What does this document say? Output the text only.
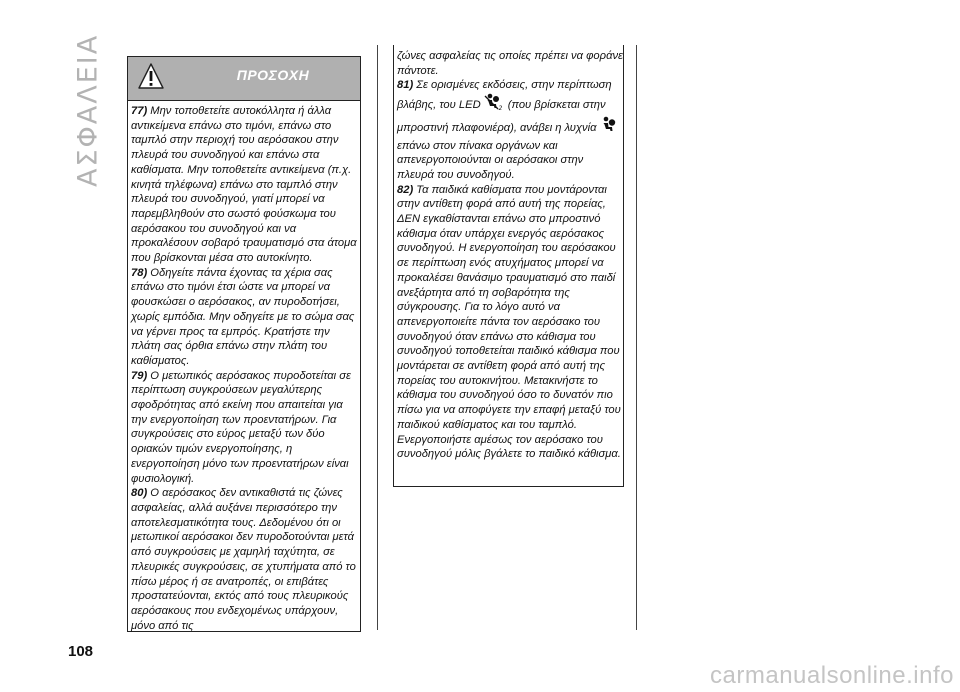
ΑΣΦΑΛΕΙΑ
108
ΠΡΟΣΟΧΗ

77) Μην τοποθετείτε αυτοκόλλητα ή άλλα αντικείμενα επάνω στο τιμόνι, επάνω στο ταμπλό στην περιοχή του αερόσακου στην πλευρά του συνοδηγού και επάνω στα καθίσματα. Μην τοποθετείτε αντικείμενα (π.χ. κινητά τηλέφωνα) επάνω στο ταμπλό στην πλευρά του συνοδηγού, γιατί μπορεί να παρεμβληθούν στο σωστό φούσκωμα του αερόσακου του συνοδηγού και να προκαλέσουν σοβαρό τραυματισμό στα άτομα που βρίσκονται μέσα στο αυτοκίνητο.

78) Οδηγείτε πάντα έχοντας τα χέρια σας επάνω στο τιμόνι έτσι ώστε να μπορεί να φουσκώσει ο αερόσακος, αν πυροδοτήσει, χωρίς εμπόδια. Μην οδηγείτε με το σώμα σας να γέρνει προς τα εμπρός. Κρατήστε την πλάτη σας όρθια επάνω στην πλάτη του καθίσματος.

79) Ο μετωπικός αερόσακος πυροδοτείται σε περίπτωση συγκρούσεων μεγαλύτερης σφοδρότητας από εκείνη που απαιτείται για την ενεργοποίηση των προεντατήρων. Για συγκρούσεις στο εύρος μεταξύ των δύο οριακών τιμών ενεργοποίησης, η ενεργοποίηση μόνο των προεντατήρων είναι φυσιολογική.

80) Ο αερόσακος δεν αντικαθιστά τις ζώνες ασφαλείας, αλλά αυξάνει περισσότερο την αποτελεσματικότητα τους. Δεδομένου ότι οι μετωπικοί αερόσακοι δεν πυροδοτούνται μετά από συγκρούσεις με χαμηλή ταχύτητα, σε πλευρικές συγκρούσεις, σε χτυπήματα από το πίσω μέρος ή σε ανατροπές, οι επιβάτες προστατεύονται, εκτός από τους πλευρικούς αερόσακους που ενδεχομένως υπάρχουν, μόνο από τις

ζώνες ασφαλείας τις οποίες πρέπει να φοράνε πάντοτε.

81) Σε ορισμένες εκδόσεις, στην περίπτωση βλάβης, του LED	2 (που βρίσκεται στην μπροστινή πλαφονιέρα), ανάβει η λυχνία επάνω στον πίνακα οργάνων και απενεργοποιούνται οι αερόσακοι στην πλευρά του συνοδηγού.

82) Τα παιδικά καθίσματα που μοντάρονται στην αντίθετη φορά από αυτή της πορείας, ΔΕΝ εγκαθίστανται επάνω στο μπροστινό κάθισμα όταν υπάρχει ενεργός αερόσακος συνοδηγού. Η ενεργοποίηση του αερόσακου σε περίπτωση ενός ατυχήματος μπορεί να προκαλέσει θανάσιμο τραυματισμό στο παιδί ανεξάρτητα από τη σοβαρότητα της σύγκρουσης. Για το λόγο αυτό να απενεργοποιείτε πάντα τον αερόσακο του συνοδηγού όταν επάνω στο κάθισμα του συνοδηγού τοποθετείται παιδικό κάθισμα που μοντάρεται σε αντίθετη φορά από αυτή της πορείας του αυτοκινήτου. Μετακινήστε το κάθισμα του συνοδηγού όσο το δυνατόν πιο πίσω για να αποφύγετε την επαφή μεταξύ του παιδικού καθίσματος και του ταμπλό. Ενεργοποιήστε αμέσως τον αερόσακο του συνοδηγού μόλις βγάλετε το παιδικό κάθισμα.

carmanualsonline.info
